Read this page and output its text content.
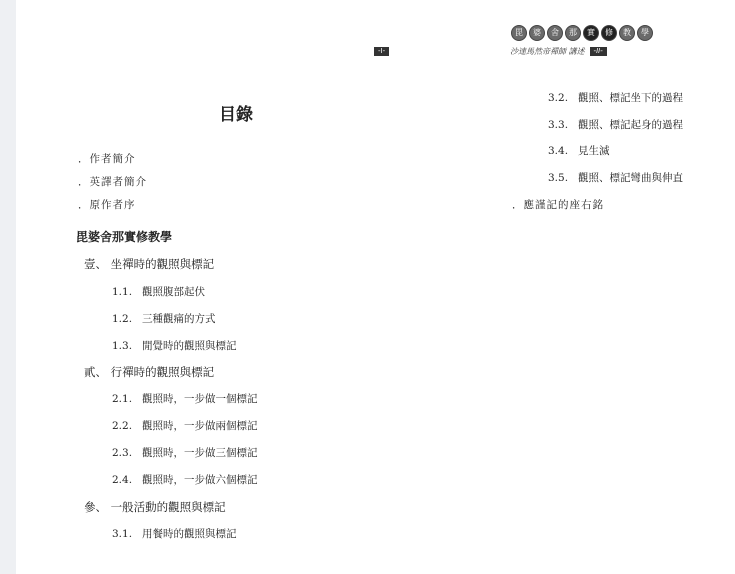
-I-
毘	婆	舍	那	實	修	教	學
沙達馬然帝禪師 講述	-II-
目錄
．作者簡介
．英譯者簡介
．原作者序
毘婆舍那實修教學
壹、 坐禪時的觀照與標記
1.1. 觀照腹部起伏
1.2. 三種觀痛的方式
1.3. 閒覺時的觀照與標記
貳、 行禪時的觀照與標記
2.1. 觀照時，一步做一個標記
2.2. 觀照時，一步做兩個標記
2.3. 觀照時，一步做三個標記
2.4. 觀照時，一步做六個標記
參、 一般活動的觀照與標記
3.1. 用餐時的觀照與標記
3.2. 觀照、標記坐下的過程
3.3. 觀照、標記起身的過程
3.4. 見生滅
3.5. 觀照、標記彎曲與伸直
．應謹記的座右銘
